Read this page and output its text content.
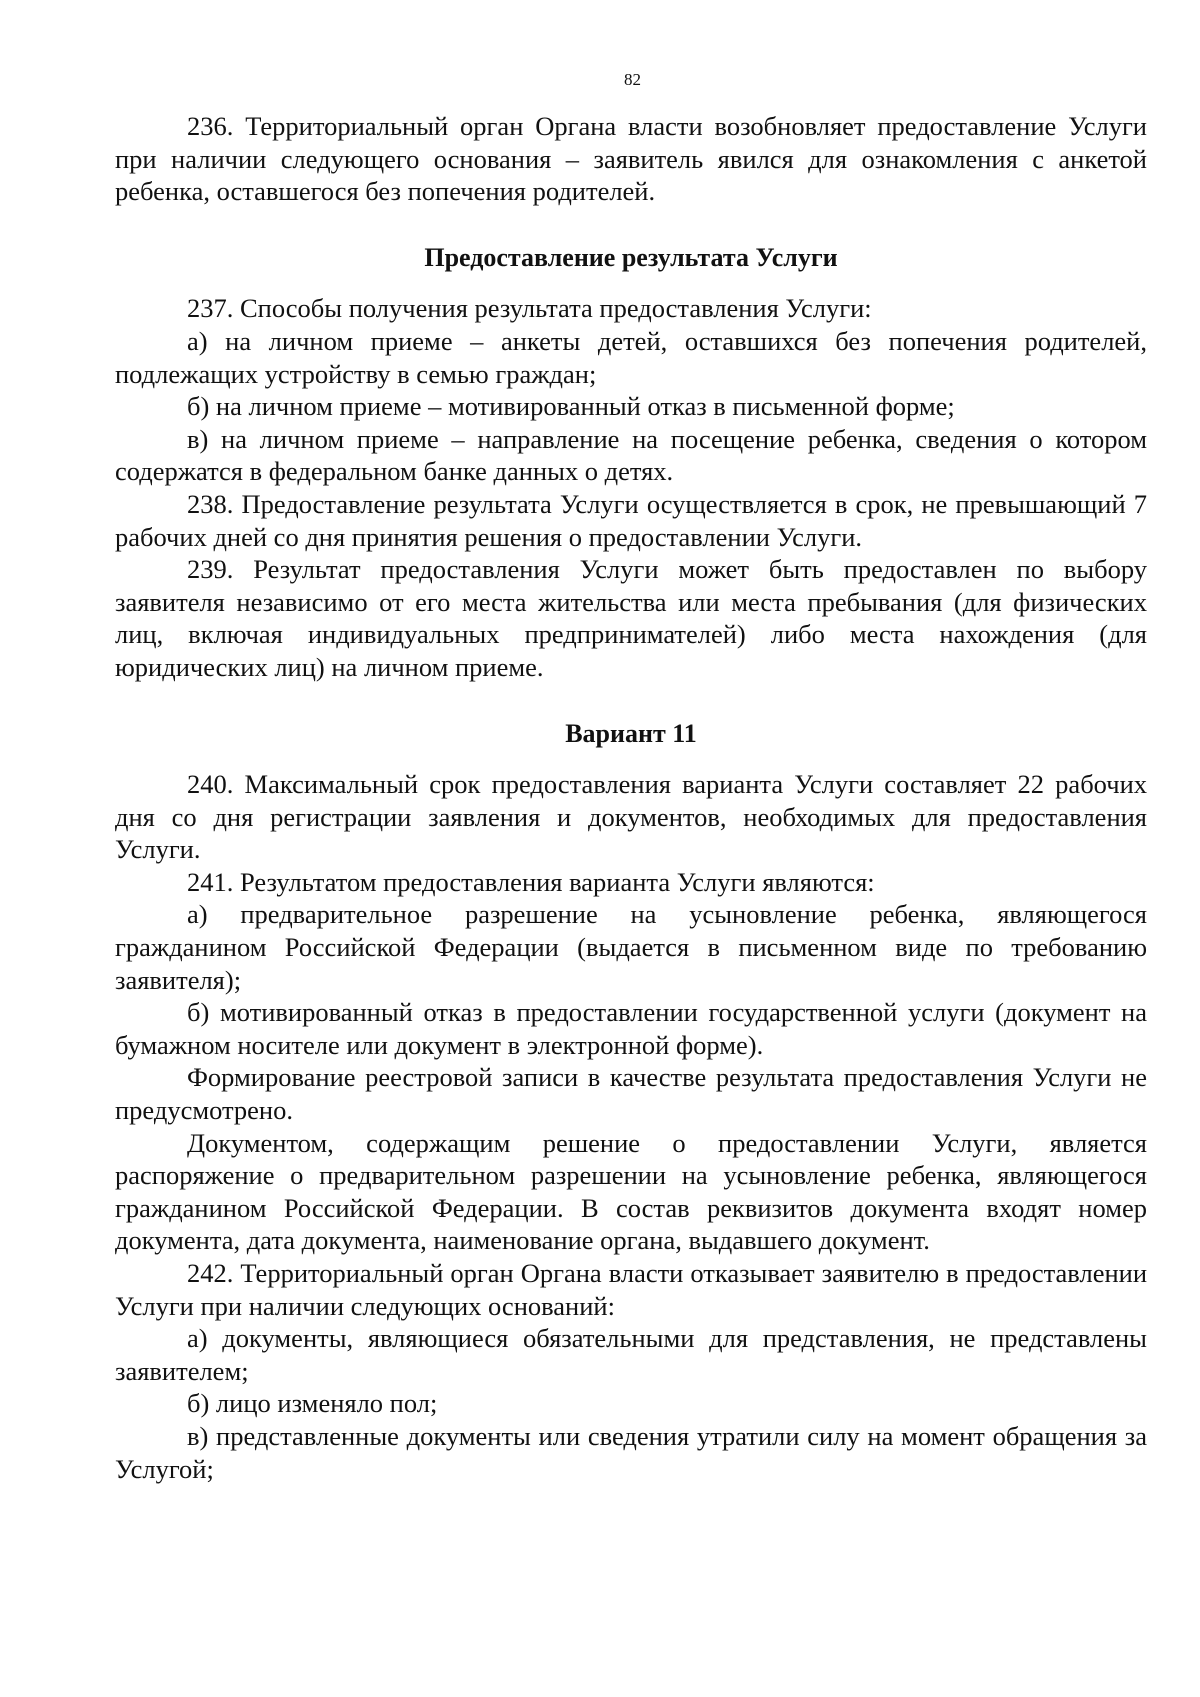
82

236. Территориальный орган Органа власти возобновляет предоставление Услуги при наличии следующего основания – заявитель явился для ознакомления с анкетой ребенка, оставшегося без попечения родителей.

Предоставление результата Услуги

237. Способы получения результата предоставления Услуги:

а) на личном приеме – анкеты детей, оставшихся без попечения родителей, подлежащих устройству в семью граждан;

б) на личном приеме – мотивированный отказ в письменной форме;

в) на личном приеме – направление на посещение ребенка, сведения о котором содержатся в федеральном банке данных о детях.

238. Предоставление результата Услуги осуществляется в срок, не превышающий 7 рабочих дней со дня принятия решения о предоставлении Услуги.

239. Результат предоставления Услуги может быть предоставлен по выбору заявителя независимо от его места жительства или места пребывания (для физических лиц, включая индивидуальных предпринимателей) либо места нахождения (для юридических лиц) на личном приеме.

Вариант 11

240. Максимальный срок предоставления варианта Услуги составляет 22 рабочих дня со дня регистрации заявления и документов, необходимых для предоставления Услуги.

241. Результатом предоставления варианта Услуги являются:

а) предварительное разрешение на усыновление ребенка, являющегося гражданином Российской Федерации (выдается в письменном виде по требованию заявителя);

б) мотивированный отказ в предоставлении государственной услуги (документ на бумажном носителе или документ в электронной форме).

Формирование реестровой записи в качестве результата предоставления Услуги не предусмотрено.

Документом, содержащим решение о предоставлении Услуги, является распоряжение о предварительном разрешении на усыновление ребенка, являющегося гражданином Российской Федерации. В состав реквизитов документа входят номер документа, дата документа, наименование органа, выдавшего документ.

242. Территориальный орган Органа власти отказывает заявителю в предоставлении Услуги при наличии следующих оснований:

а) документы, являющиеся обязательными для представления, не представлены заявителем;

б) лицо изменяло пол;

в) представленные документы или сведения утратили силу на момент обращения за Услугой;
